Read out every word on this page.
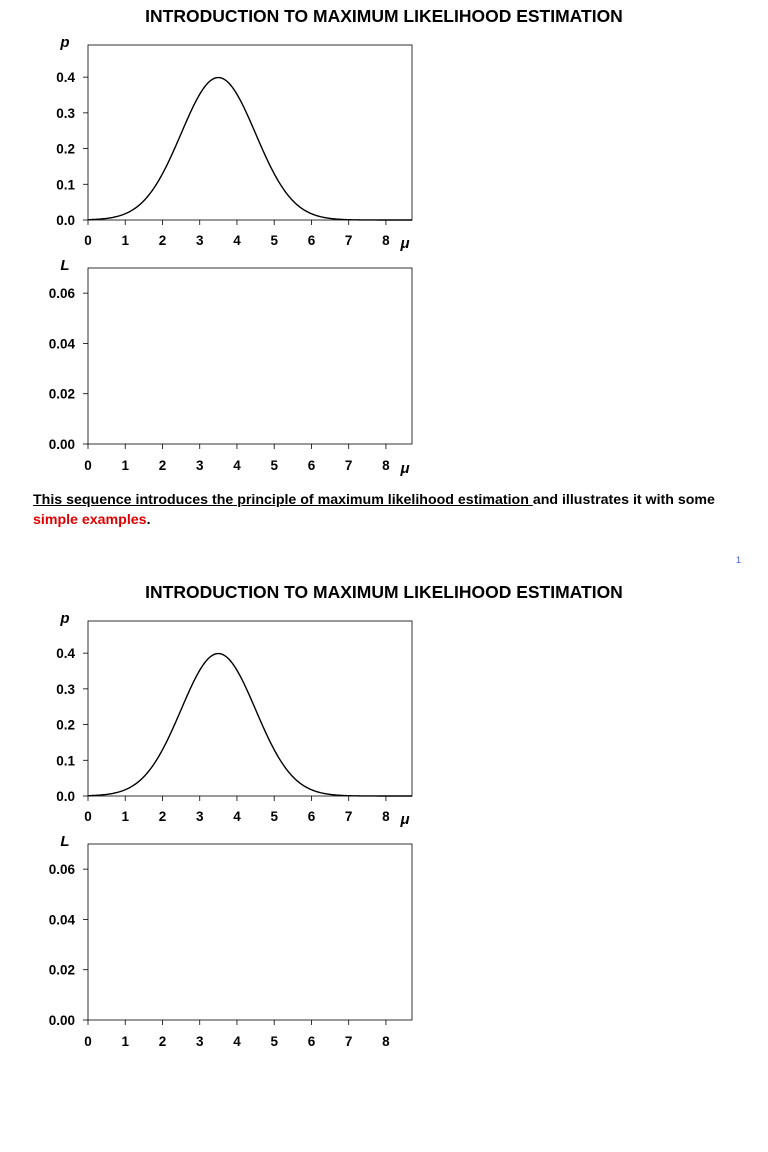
INTRODUCTION TO MAXIMUM LIKELIHOOD ESTIMATION
0.0
0.1
0.2
0.3
0.4
0 1 2 3 4 5 6 7 8
p
μ
0.00
0.02
0.04
0.06
0 1 2 3 4 5 6 7 8
L
μ
This sequence introduces the principle of maximum likelihood estimation and illustrates it with some simple examples.
1
INTRODUCTION TO MAXIMUM LIKELIHOOD ESTIMATION
0.0
0.1
0.2
0.3
0.4
0 1 2 3 4 5 6 7 8
p
μ
0.00
0.02
0.04
0.06
0 1 2 3 4 5 6 7 8
L
